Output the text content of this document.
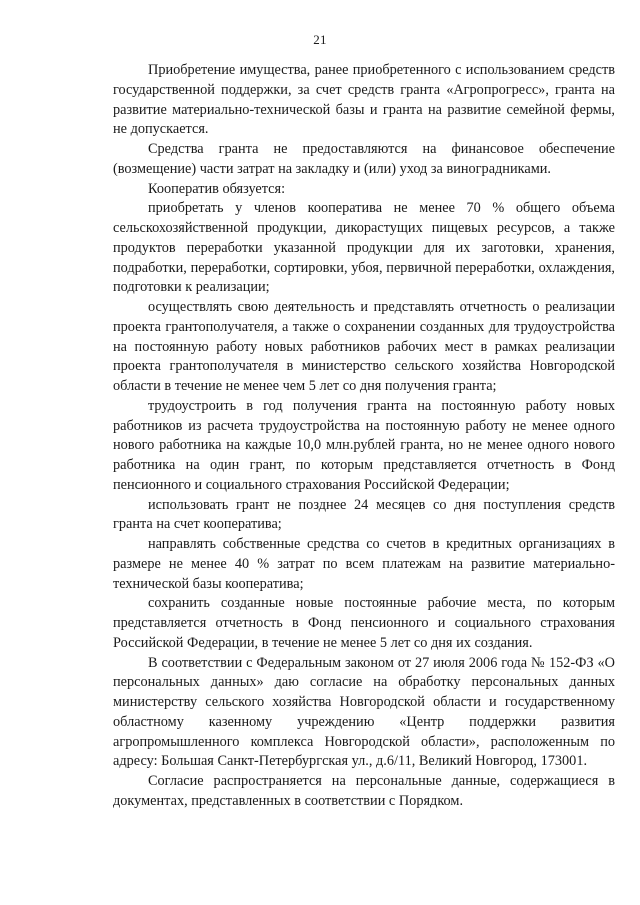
21

Приобретение имущества, ранее приобретенного с использованием средств государственной поддержки, за счет средств гранта «Агропрогресс», гранта на развитие материально-технической базы и гранта на развитие семейной фермы, не допускается.

Средства гранта не предоставляются на финансовое обеспечение (возмещение) части затрат на закладку и (или) уход за виноградниками.

Кооператив обязуется:

приобретать у членов кооператива не менее 70 % общего объема сельскохозяйственной продукции, дикорастущих пищевых ресурсов, а также продуктов переработки указанной продукции для их заготовки, хранения, подработки, переработки, сортировки, убоя, первичной переработки, охлаждения, подготовки к реализации;

осуществлять свою деятельность и представлять отчетность о реализации проекта грантополучателя, а также о сохранении созданных для трудоустройства на постоянную работу новых работников рабочих мест в рамках реализации проекта грантополучателя в министерство сельского хозяйства Новгородской области в течение не менее чем 5 лет со дня получения гранта;

трудоустроить в год получения гранта на постоянную работу новых работников из расчета трудоустройства на постоянную работу не менее одного нового работника на каждые 10,0 млн.рублей гранта, но не менее одного нового работника на один грант, по которым представляется отчетность в Фонд пенсионного и социального страхования Российской Федерации;

использовать грант не позднее 24 месяцев со дня поступления средств гранта на счет кооператива;

направлять собственные средства со счетов в кредитных организациях в размере не менее 40 % затрат по всем платежам на развитие материально-технической базы кооператива;

сохранить созданные новые постоянные рабочие места, по которым представляется отчетность в Фонд пенсионного и социального страхования Российской Федерации, в течение не менее 5 лет со дня их создания.

В соответствии с Федеральным законом от 27 июля 2006 года № 152-ФЗ «О персональных данных» даю согласие на обработку персональных данных министерству сельского хозяйства Новгородской области и государственному областному казенному учреждению «Центр поддержки развития агропромышленного комплекса Новгородской области», расположенным по адресу: Большая Санкт-Петербургская ул., д.6/11, Великий Новгород, 173001.

Согласие распространяется на персональные данные, содержащиеся в документах, представленных в соответствии с Порядком.
